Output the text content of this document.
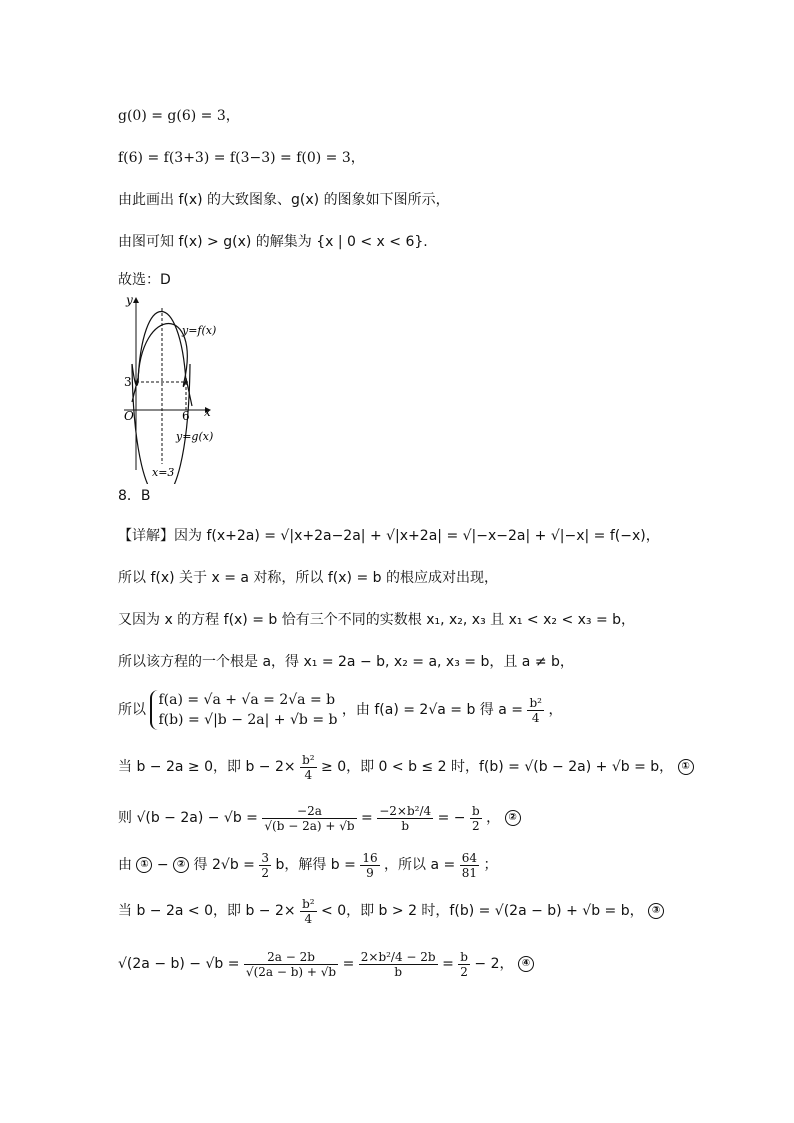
g(0) = g(6) = 3，
f(6) = f(3+3) = f(3−3) = f(0) = 3，
由此画出 f(x) 的大致图象、g(x) 的图象如下图所示，
由图可知 f(x) > g(x) 的解集为 {x | 0 < x < 6}.
故选：D
y
x
O
3
6
y=f(x)
y=g(x)
x=3
8．B
【详解】因为 f(x+2a) = √|x+2a−2a| + √|x+2a| = √|−x−2a| + √|−x| = f(−x)，
所以 f(x) 关于 x = a 对称，所以 f(x) = b 的根应成对出现，
又因为 x 的方程 f(x) = b 恰有三个不同的实数根 x₁, x₂, x₃ 且 x₁ < x₂ < x₃ = b，
所以该方程的一个根是 a，得 x₁ = 2a − b, x₂ = a, x₃ = b，且 a ≠ b，
所以
f(a) = √a + √a = 2√a = b
f(b) = √|b − 2a| + √b = b
，由 f(a) = 2√a = b 得 $a = \frac{\text{b²}}{4}$ ，
当 b − 2a ≥ 0，即 $b - 2\times \frac{\text{b²}}{4} \ge 0$，即 0 < b ≤ 2 时，f(b) = √(b − 2a) + √b = b， ①
则 $√(b - 2a) - √b = \frac{-2a}{√(b - 2a) + √b} = \frac{\text{−2×b²/4}}{b}$ = − $\frac{b}{2}$ ， ②
由 ① − ② 得 $2√b = \frac{3}{2}$ b，解得 $b = \frac{16}{9}$ ，所以 $a = \frac{64}{81}$ ；
当 b − 2a < 0，即 $b - 2\times \frac{\text{b²}}{4} < 0$，即 b > 2 时，f(b) = √(2a − b) + √b = b， ③
$√(2a - b) - √b = \frac{2a - 2b}{√(2a - b) + √b} = \frac{\text{2×b²/4 − 2b}}{b} = \frac{b}{2} - 2$， ④
